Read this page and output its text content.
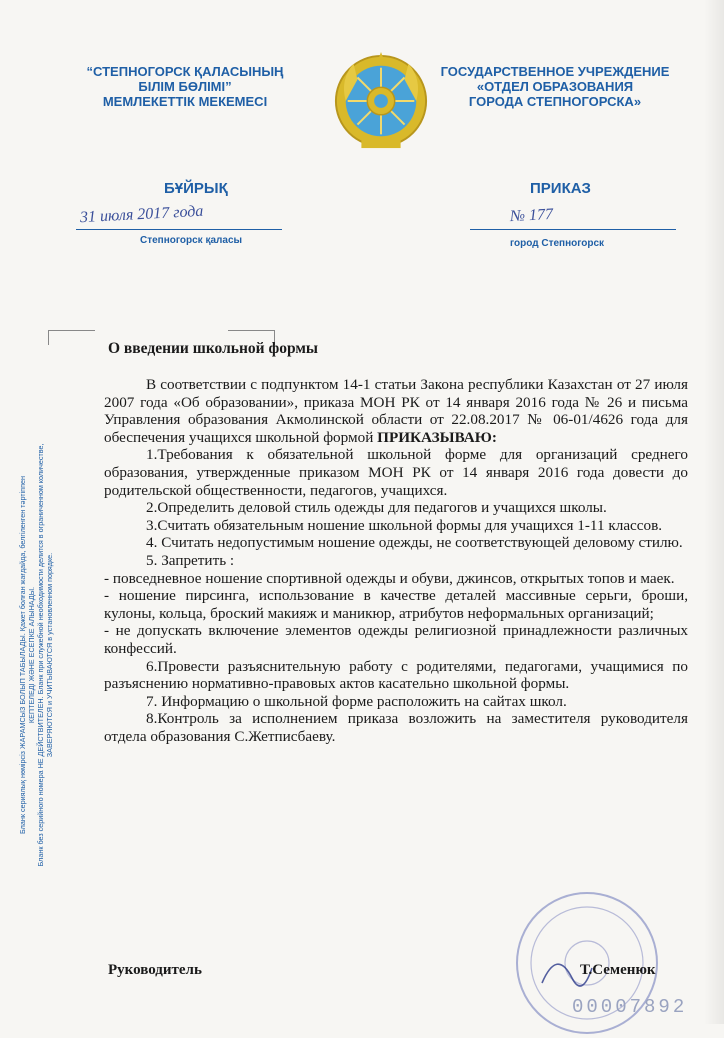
“СТЕПНОГОРСК ҚАЛАСЫНЫҢ
БІЛІМ БӨЛІМІ”
МЕМЛЕКЕТТІК МЕКЕМЕСІ
ГОСУДАРСТВЕННОЕ УЧРЕЖДЕНИЕ
«ОТДЕЛ ОБРАЗОВАНИЯ
ГОРОДА СТЕПНОГОРСКА»
БҰЙРЫҚ
31 июля 2017 года
Степногорск қаласы
ПРИКАЗ
№ 177
город Степногорск
О введении школьной формы

В соответствии с подпунктом 14-1 статьи Закона республики Казахстан от 27 июля 2007 года «Об образовании», приказа МОН РК от 14 января 2016 года № 26 и письма Управления образования Акмолинской области от 22.08.2017 № 06-01/4626 года для обеспечения учащихся школьной формой ПРИКАЗЫВАЮ:

1.Требования к обязательной школьной форме для организаций среднего образования, утвержденные приказом МОН РК от 14 января 2016 года довести до родительской общественности, педагогов, учащихся.

2.Определить деловой стиль одежды для педагогов и учащихся школы.

3.Считать обязательным ношение школьной формы для учащихся 1-11 классов.

4. Считать недопустимым ношение одежды, не соответствующей деловому стилю.

5. Запретить :

- повседневное ношение спортивной одежды и обуви, джинсов, открытых топов и маек.

- ношение пирсинга, использование в качестве деталей массивные серьги, броши, кулоны, кольца, броский макияж и маникюр, атрибутов неформальных организаций;

- не допускать включение элементов одежды религиозной принадлежности различных конфессий.

6.Провести разъяснительную работу с родителями, педагогами, учащимися по разъяснению нормативно-правовых актов касательно школьной формы.

7. Информацию о школьной форме расположить на сайтах школ.

8.Контроль за исполнением приказа возложить на заместителя руководителя отдела образования С.Жетписбаеву.

Бланк сериялық нөмірсіз ЖАРАМСЫЗ БОЛЫП ТАБЫЛАДЫ. Қажет болған жағдайда, белгіленген тәртіппен КЕПТЕЛЕДІ ЖӘНЕ ЕСЕПКЕ АЛЫНАДЫ. Бланк без серийного номера НЕ ДЕЙСТВИТЕЛЕН. Бланк при служебной необходимости делится в ограниченном количестве, ЗАВЕРЯЮТСЯ и УЧИТЫВАЮТСЯ в установленном порядке.
Руководитель	Т.Семенюк
00007892
